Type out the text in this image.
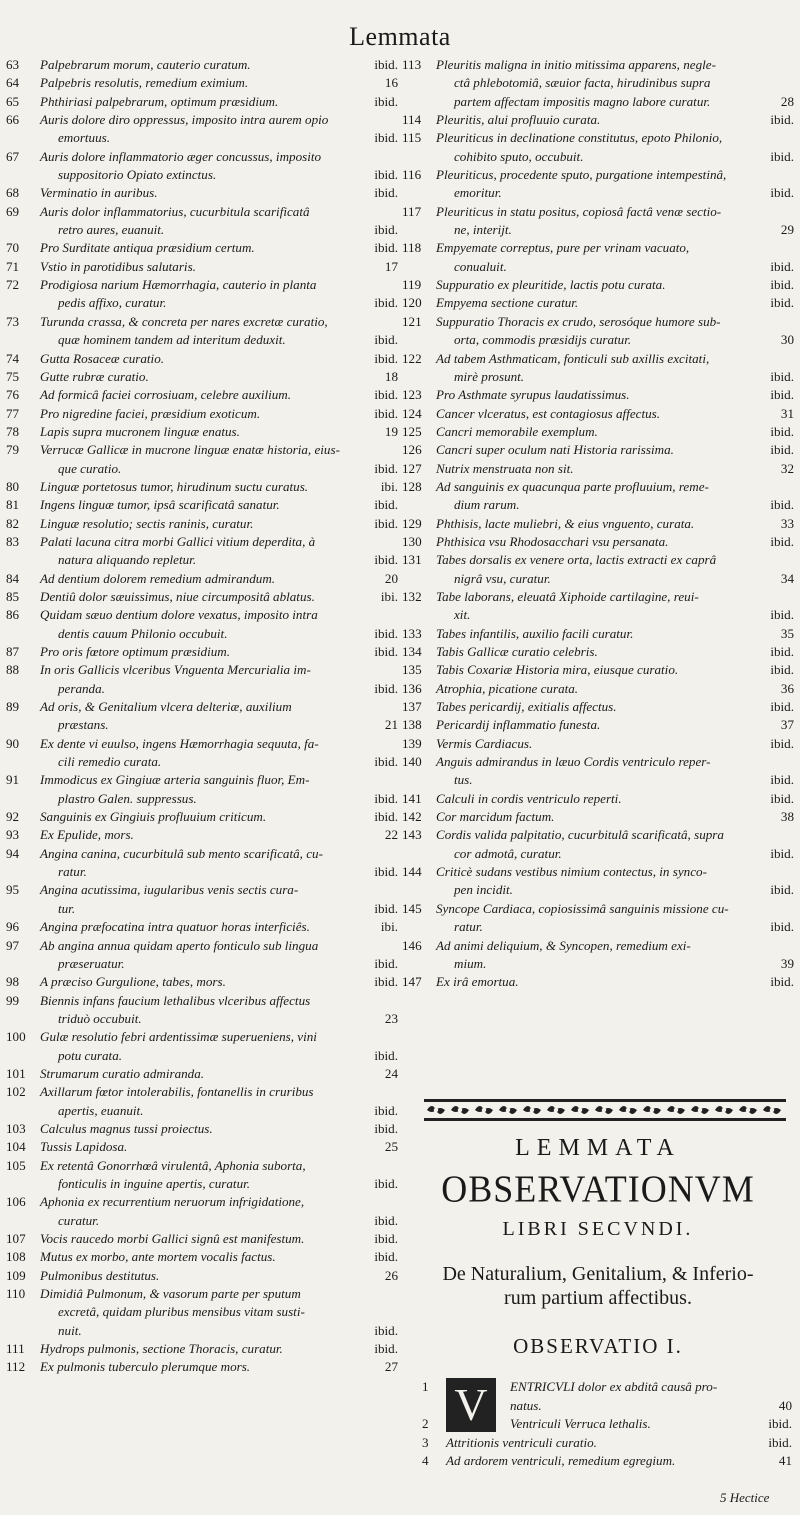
Lemmata
63	Palpebrarum morum, cauterio curatum.	ibid.
64	Palpebris resolutis, remedium eximium.	16
65	Phthiriasi palpebrarum, optimum præsidium.	ibid.
66	Auris dolore diro oppressus, imposito intra aurem opio
emortuus.	ibid.
67	Auris dolore inflammatorio æger concussus, imposito
suppositorio Opiato extinctus.	ibid.
68	Verminatio in auribus.	ibid.
69	Auris dolor inflammatorius, cucurbitula scarificatâ
retro aures, euanuit.	ibid.
70	Pro Surditate antiqua præsidium certum.	ibid.
71	Vstio in parotidibus salutaris.	17
72	Prodigiosa narium Hæmorrhagia, cauterio in planta
pedis affixo, curatur.	ibid.
73	Turunda crassa, & concreta per nares excretæ curatio,
quæ hominem tandem ad interitum deduxit.	ibid.
74	Gutta Rosaceæ curatio.	ibid.
75	Gutte rubræ curatio.	18
76	Ad formicâ faciei corrosiuam, celebre auxilium.	ibid.
77	Pro nigredine faciei, præsidium exoticum.	ibid.
78	Lapis supra mucronem linguæ enatus.	19
79	Verrucæ Gallicæ in mucrone linguæ enatæ historia, eius-
que curatio.	ibid.
80	Linguæ portetosus tumor, hirudinum suctu curatus.	ibi.
81	Ingens linguæ tumor, ipsâ scarificatâ sanatur.	ibid.
82	Linguæ resolutio; sectis raninis, curatur.	ibid.
83	Palati lacuna citra morbi Gallici vitium deperdita, à
natura aliquando repletur.	ibid.
84	Ad dentium dolorem remedium admirandum.	20
85	Dentiû dolor sæuissimus, niue circumpositâ ablatus.	ibi.
86	Quidam sæuo dentium dolore vexatus, imposito intra
dentis cauum Philonio occubuit.	ibid.
87	Pro oris fœtore optimum præsidium.	ibid.
88	In oris Gallicis vlceribus Vnguenta Mercurialia im-
peranda.	ibid.
89	Ad oris, & Genitalium vlcera delteriæ, auxilium
præstans.	21
90	Ex dente vi euulso, ingens Hæmorrhagia sequuta, fa-
cili remedio curata.	ibid.
91	Immodicus ex Gingiuæ arteria sanguinis fluor, Em-
plastro Galen. suppressus.	ibid.
92	Sanguinis ex Gingiuis profluuium criticum.	ibid.
93	Ex Epulide, mors.	22
94	Angina canina, cucurbitulâ sub mento scarificatâ, cu-
ratur.	ibid.
95	Angina acutissima, iugularibus venis sectis cura-
tur.	ibid.
96	Angina præfocatina intra quatuor horas interficiês.	ibi.
97	Ab angina annua quidam aperto fonticulo sub lingua
præseruatur.	ibid.
98	A præciso Gurgulione, tabes, mors.	ibid.
99	Biennis infans faucium lethalibus vlceribus affectus
triduò occubuit.	23
100	Gulæ resolutio febri ardentissimæ superueniens, vini
potu curata.	ibid.
101	Strumarum curatio admiranda.	24
102	Axillarum fœtor intolerabilis, fontanellis in cruribus
apertis, euanuit.	ibid.
103	Calculus magnus tussi proiectus.	ibid.
104	Tussis Lapidosa.	25
105	Ex retentâ Gonorrhœâ virulentâ, Aphonia suborta,
fonticulis in inguine apertis, curatur.	ibid.
106	Aphonia ex recurrentium neruorum infrigidatione,
curatur.	ibid.
107	Vocis raucedo morbi Gallici signû est manifestum.	ibid.
108	Mutus ex morbo, ante mortem vocalis factus.	ibid.
109	Pulmonibus destitutus.	26
110	Dimidiâ Pulmonum, & vasorum parte per sputum
excretâ, quidam pluribus mensibus vitam susti-
nuit.	ibid.
111	Hydrops pulmonis, sectione Thoracis, curatur.	ibid.
112	Ex pulmonis tuberculo plerumque mors.	27
113	Pleuritis maligna in initio mitissima apparens, negle-
ctâ phlebotomiâ, sæuior facta, hirudinibus supra
partem affectam impositis magno labore curatur.	28
114	Pleuritis, alui profluuio curata.	ibid.
115	Pleuriticus in declinatione constitutus, epoto Philonio,
cohibito sputo, occubuit.	ibid.
116	Pleuriticus, procedente sputo, purgatione intempestinâ,
emoritur.	ibid.
117	Pleuriticus in statu positus, copiosâ factâ venæ sectio-
ne, interijt.	29
118	Empyemate correptus, pure per vrinam vacuato,
conualuit.	ibid.
119	Suppuratio ex pleuritide, lactis potu curata.	ibid.
120	Empyema sectione curatur.	ibid.
121	Suppuratio Thoracis ex crudo, serosóque humore sub-
orta, commodis præsidijs curatur.	30
122	Ad tabem Asthmaticam, fonticuli sub axillis excitati,
mirè prosunt.	ibid.
123	Pro Asthmate syrupus laudatissimus.	ibid.
124	Cancer vlceratus, est contagiosus affectus.	31
125	Cancri memorabile exemplum.	ibid.
126	Cancri super oculum nati Historia rarissima.	ibid.
127	Nutrix menstruata non sit.	32
128	Ad sanguinis ex quacunqua parte profluuium, reme-
dium rarum.	ibid.
129	Phthisis, lacte muliebri, & eius vnguento, curata.	33
130	Phthisica vsu Rhodosacchari vsu persanata.	ibid.
131	Tabes dorsalis ex venere orta, lactis extracti ex caprâ
nigrâ vsu, curatur.	34
132	Tabe laborans, eleuatâ Xiphoide cartilagine, reui-
xit.	ibid.
133	Tabes infantilis, auxilio facili curatur.	35
134	Tabis Gallicæ curatio celebris.	ibid.
135	Tabis Coxariæ Historia mira, eiusque curatio.	ibid.
136	Atrophia, picatione curata.	36
137	Tabes pericardij, exitialis affectus.	ibid.
138	Pericardij inflammatio funesta.	37
139	Vermis Cardiacus.	ibid.
140	Anguis admirandus in læuo Cordis ventriculo reper-
tus.	ibid.
141	Calculi in cordis ventriculo reperti.	ibid.
142	Cor marcidum factum.	38
143	Cordis valida palpitatio, cucurbitulâ scarificatâ, supra
cor admotâ, curatur.	ibid.
144	Criticè sudans vestibus nimium contectus, in synco-
pen incidit.	ibid.
145	Syncope Cardiaca, copiosissimâ sanguinis missione cu-
ratur.	ibid.
146	Ad animi deliquium, & Syncopen, remedium exi-
mium.	39
147	Ex irâ emortua.	ibid.
LEMMATA
OBSERVATIONVM
LIBRI SECVNDI.
De Naturalium, Genitalium, & Inferio-
rum partium affectibus.
OBSERVATIO I.
V
1	ENTRICVLI dolor ex abditâ causâ pro-
natus.	40
2	Ventriculi Verruca lethalis.	ibid.
3	Attritionis ventriculi curatio.	ibid.
4	Ad ardorem ventriculi, remedium egregium.	41
5 Hectice
